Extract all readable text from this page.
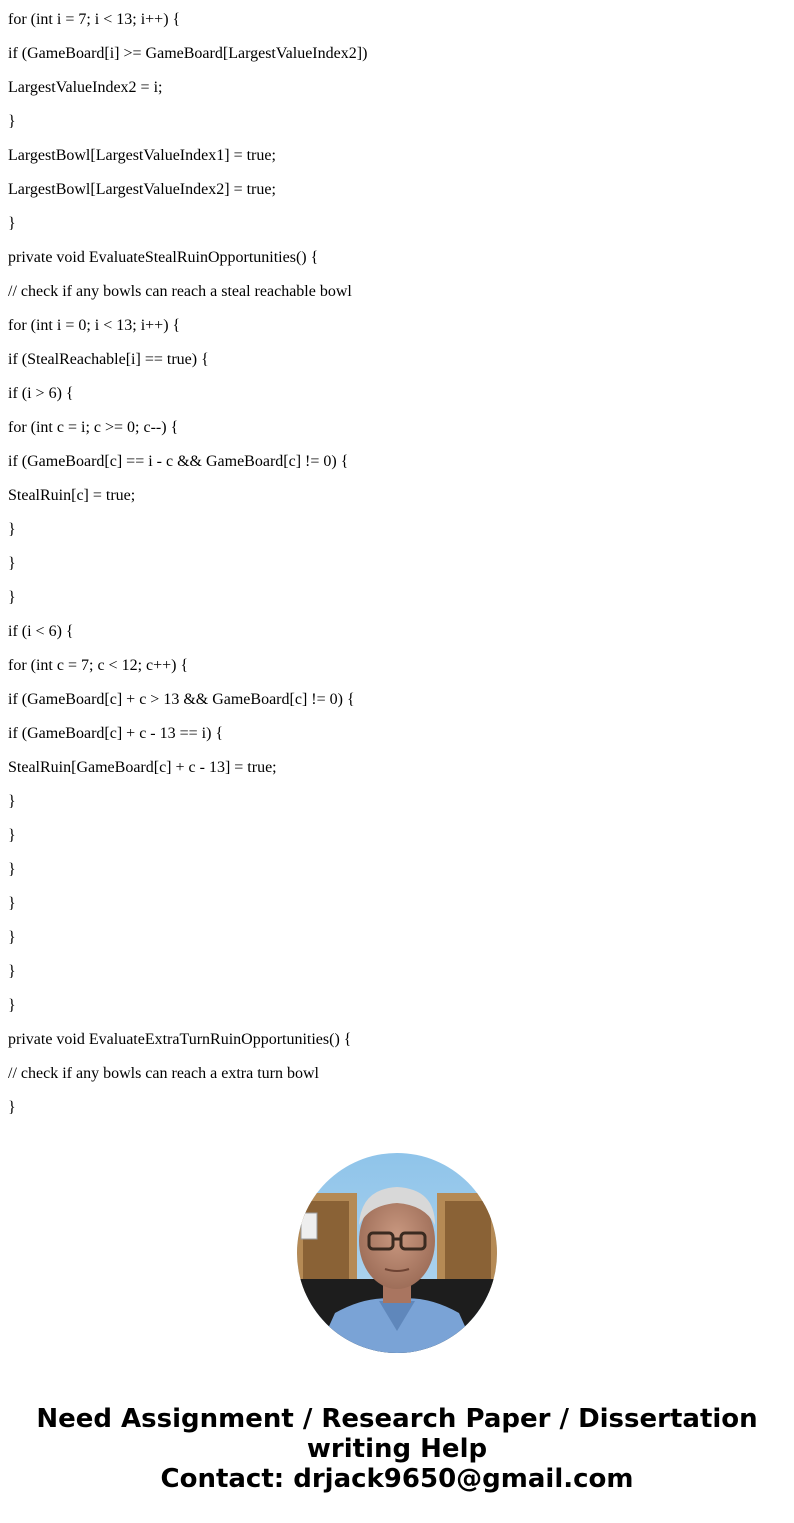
for (int i = 7; i < 13; i++) {
if (GameBoard[i] >= GameBoard[LargestValueIndex2])
LargestValueIndex2 = i;
}
LargestBowl[LargestValueIndex1] = true;
LargestBowl[LargestValueIndex2] = true;
}
private void EvaluateStealRuinOpportunities() {
// check if any bowls can reach a steal reachable bowl
for (int i = 0; i < 13; i++) {
if (StealReachable[i] == true) {
if (i > 6) {
for (int c = i; c >= 0; c--) {
if (GameBoard[c] == i - c && GameBoard[c] != 0) {
StealRuin[c] = true;
}
}
}
if (i < 6) {
for (int c = 7; c < 12; c++) {
if (GameBoard[c] + c > 13 && GameBoard[c] != 0) {
if (GameBoard[c] + c - 13 == i) {
StealRuin[GameBoard[c] + c - 13] = true;
}
}
}
}
}
}
}
private void EvaluateExtraTurnRuinOpportunities() {
// check if any bowls can reach a extra turn bowl
}
Need Assignment / Research Paper / Dissertation
writing Help
Contact: drjack9650@gmail.com
